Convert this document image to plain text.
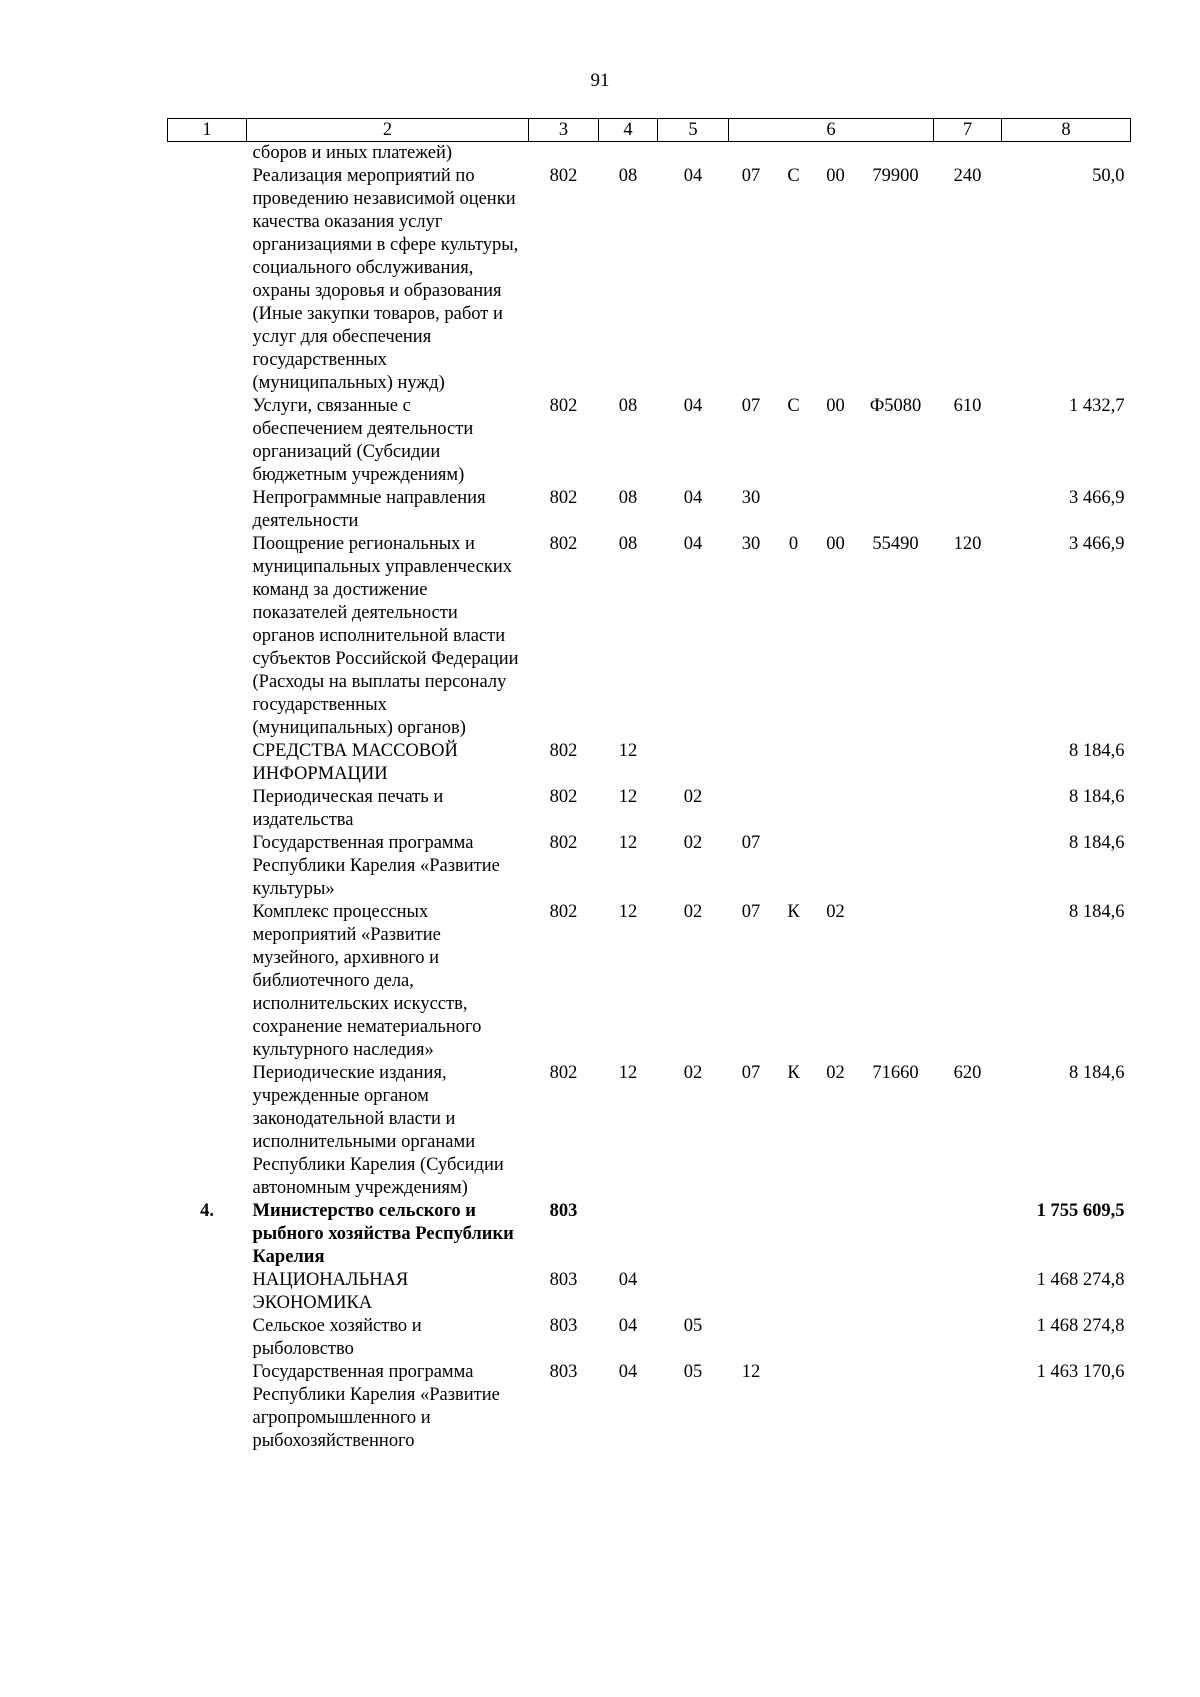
91
1	2	3	4	5	6				7	8
	сборов и иных платежей)									
	Реализация мероприятий по проведению независимой оценки качества оказания услуг организациями в сфере культуры, социального обслуживания, охраны здоровья и образования (Иные закупки товаров, работ и услуг для обеспечения государственных (муниципальных) нужд)	802	08	04	07	С	00	79900	240	50,0
	Услуги, связанные с обеспечением деятельности организаций (Субсидии бюджетным учреждениям)	802	08	04	07	С	00	Ф5080	610	1 432,7
	Непрограммные направления деятельности	802	08	04	30					3 466,9
	Поощрение региональных и муниципальных управленческих команд за достижение показателей деятельности органов исполнительной власти субъектов Российской Федерации (Расходы на выплаты персоналу государственных (муниципальных) органов)	802	08	04	30	0	00	55490	120	3 466,9
	СРЕДСТВА МАССОВОЙ ИНФОРМАЦИИ	802	12							8 184,6
	Периодическая печать и издательства	802	12	02						8 184,6
	Государственная программа Республики Карелия «Развитие культуры»	802	12	02	07					8 184,6
	Комплекс процессных мероприятий «Развитие музейного, архивного и библиотечного дела, исполнительских искусств, сохранение нематериального культурного наследия»	802	12	02	07	К	02			8 184,6
	Периодические издания, учрежденные органом законодательной власти и исполнительными органами Республики Карелия (Субсидии автономным учреждениям)	802	12	02	07	К	02	71660	620	8 184,6
4.	Министерство сельского и рыбного хозяйства Республики Карелия	803								1 755 609,5
	НАЦИОНАЛЬНАЯ ЭКОНОМИКА	803	04							1 468 274,8
	Сельское хозяйство и рыболовство	803	04	05						1 468 274,8
	Государственная программа Республики Карелия «Развитие агропромышленного и рыбохозяйственного	803	04	05	12					1 463 170,6
